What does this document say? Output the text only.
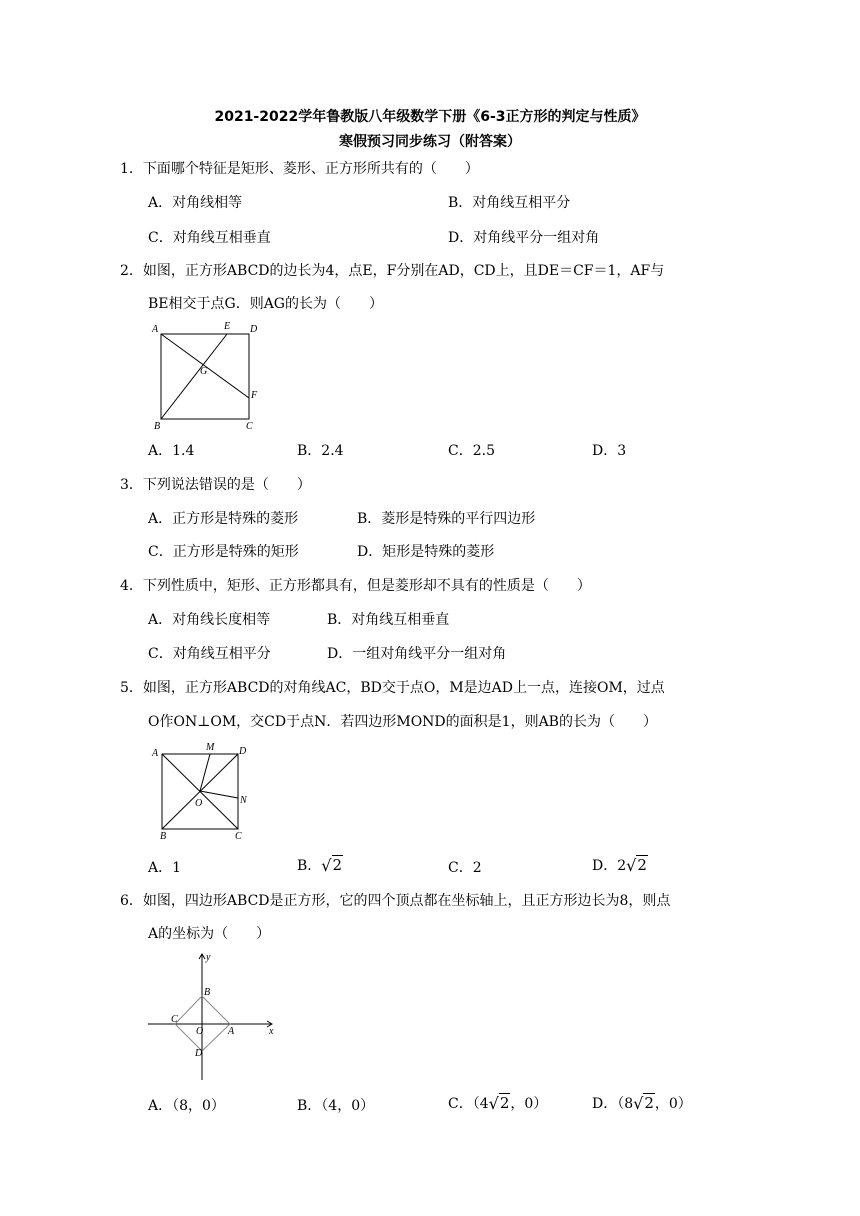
2021-2022学年鲁教版八年级数学下册《6-3正方形的判定与性质》
寒假预习同步练习（附答案）
1．下面哪个特征是矩形、菱形、正方形所共有的（　　）
A．对角线相等	B．对角线互相平分
C．对角线互相垂直	D．对角线平分一组对角
2．如图，正方形ABCD的边长为4，点E，F分别在AD，CD上，且DE＝CF＝1，AF与
BE相交于点G．则AG的长为（　　）
A	E D
G
F
B	C
A．1.4	B．2.4	C．2.5	D．3
3．下列说法错误的是（　　）
A．正方形是特殊的菱形	B．菱形是特殊的平行四边形
C．正方形是特殊的矩形	D．矩形是特殊的菱形
4．下列性质中，矩形、正方形都具有，但是菱形却不具有的性质是（　　）
A．对角线长度相等	B．对角线互相垂直
C．对角线互相平分	D．一组对角线平分一组对角
5．如图，正方形ABCD的对角线AC，BD交于点O，M是边AD上一点，连接OM，过点
O作ON⊥OM，交CD于点N．若四边形MOND的面积是1，则AB的长为（　　）
A
M D
O	N
B	C
A．1	B．√2	C．2	D．2√2
6．如图，四边形ABCD是正方形，它的四个顶点都在坐标轴上，且正方形边长为8，则点
A的坐标为（　　）
y
B
C
O A	x
D
A．（8，0）	B．（4，0）	C．（4√2，0）	D．（8√2，0）
